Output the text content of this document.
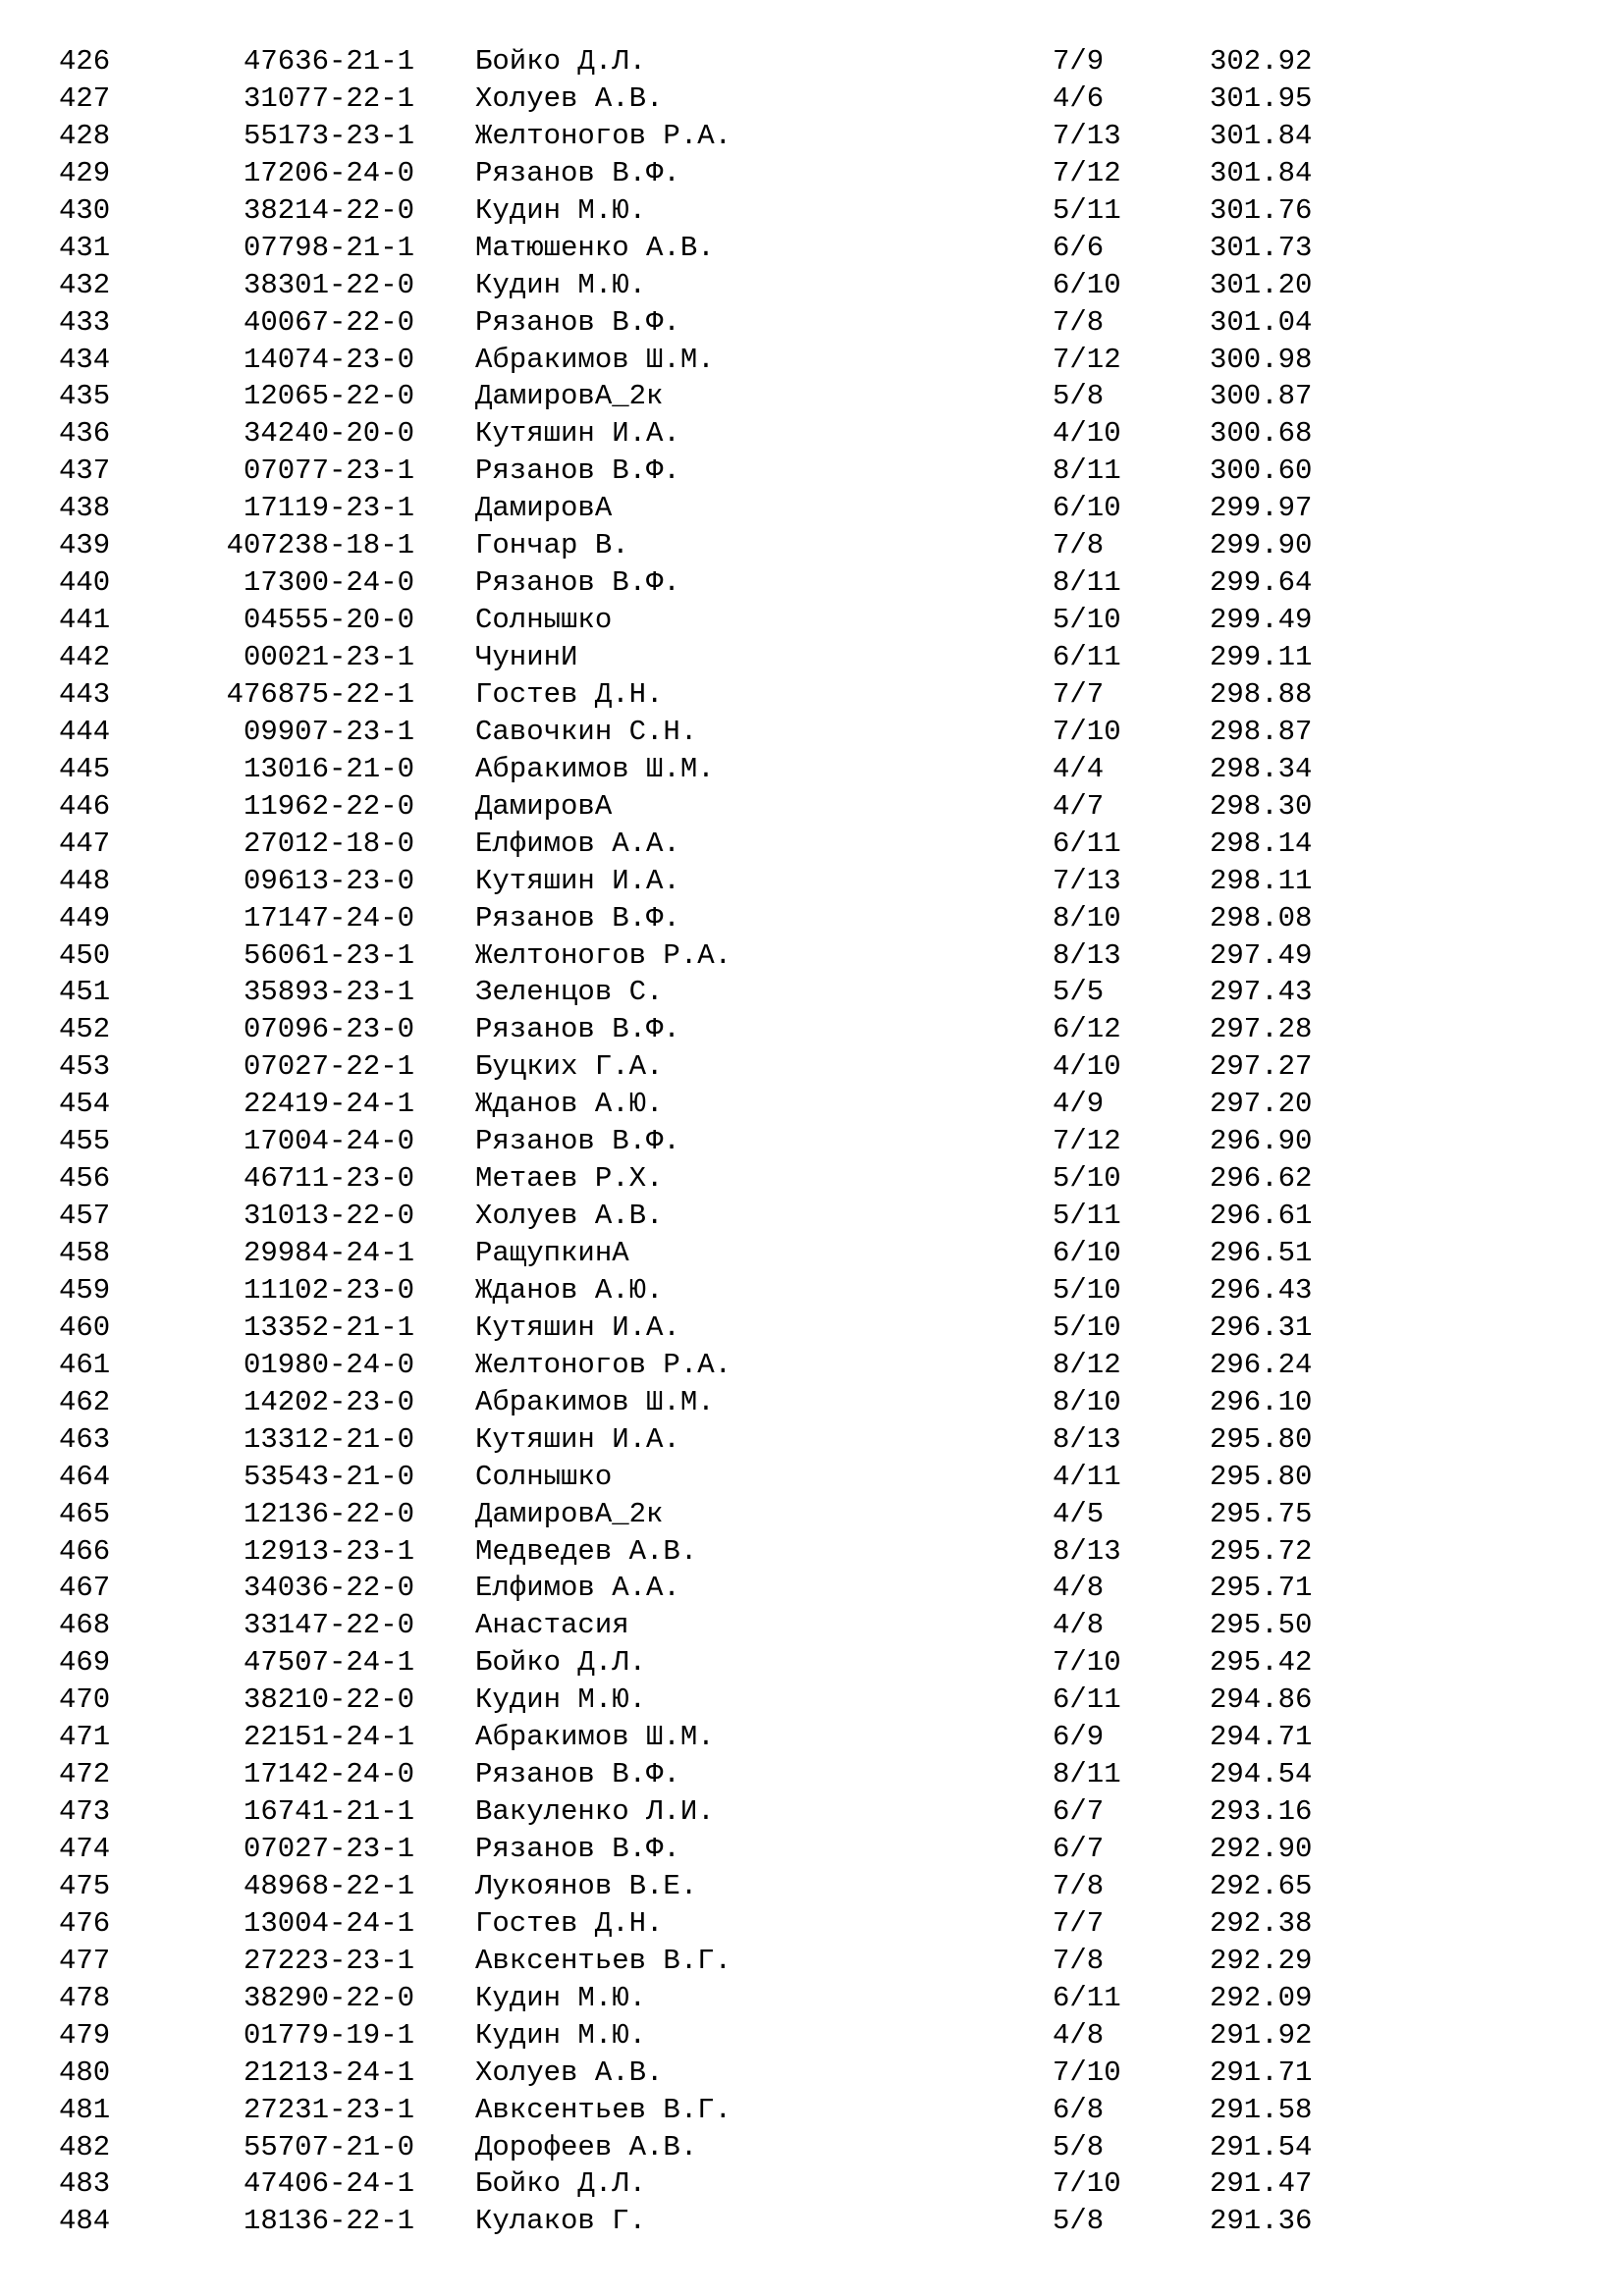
426	47636-21-1 Бойко Д.Л.	7/9	302.92
427	31077-22-1 Холуев А.В.	4/6	301.95
428	55173-23-1 Желтоногов Р.А.	7/13	301.84
429	17206-24-0 Рязанов В.Ф.	7/12	301.84
430	38214-22-0 Кудин М.Ю.	5/11	301.76
431	07798-21-1 Матюшенко А.В.	6/6	301.73
432	38301-22-0 Кудин М.Ю.	6/10	301.20
433	40067-22-0 Рязанов В.Ф.	7/8	301.04
434	14074-23-0 Абракимов Ш.М.	7/12	300.98
435	12065-22-0 ДамировА_2к	5/8	300.87
436	34240-20-0 Кутяшин И.А.	4/10	300.68
437	07077-23-1 Рязанов В.Ф.	8/11	300.60
438	17119-23-1 ДамировА	6/10	299.97
439	407238-18-1 Гончар В.	7/8	299.90
440	17300-24-0 Рязанов В.Ф.	8/11	299.64
441	04555-20-0 Солнышко	5/10	299.49
442	00021-23-1 ЧунинИ	6/11	299.11
443	476875-22-1 Гостев Д.Н.	7/7	298.88
444	09907-23-1 Савочкин С.Н.	7/10	298.87
445	13016-21-0 Абракимов Ш.М.	4/4	298.34
446	11962-22-0 ДамировА	4/7	298.30
447	27012-18-0 Елфимов А.А.	6/11	298.14
448	09613-23-0 Кутяшин И.А.	7/13	298.11
449	17147-24-0 Рязанов В.Ф.	8/10	298.08
450	56061-23-1 Желтоногов Р.А.	8/13	297.49
451	35893-23-1 Зеленцов С.	5/5	297.43
452	07096-23-0 Рязанов В.Ф.	6/12	297.28
453	07027-22-1 Буцких Г.А.	4/10	297.27
454	22419-24-1 Жданов А.Ю.	4/9	297.20
455	17004-24-0 Рязанов В.Ф.	7/12	296.90
456	46711-23-0 Метаев Р.Х.	5/10	296.62
457	31013-22-0 Холуев А.В.	5/11	296.61
458	29984-24-1 РащупкинА	6/10	296.51
459	11102-23-0 Жданов А.Ю.	5/10	296.43
460	13352-21-1 Кутяшин И.А.	5/10	296.31
461	01980-24-0 Желтоногов Р.А.	8/12	296.24
462	14202-23-0 Абракимов Ш.М.	8/10	296.10
463	13312-21-0 Кутяшин И.А.	8/13	295.80
464	53543-21-0 Солнышко	4/11	295.80
465	12136-22-0 ДамировА_2к	4/5	295.75
466	12913-23-1 Медведев А.В.	8/13	295.72
467	34036-22-0 Елфимов А.А.	4/8	295.71
468	33147-22-0 Анастасия	4/8	295.50
469	47507-24-1 Бойко Д.Л.	7/10	295.42
470	38210-22-0 Кудин М.Ю.	6/11	294.86
471	22151-24-1 Абракимов Ш.М.	6/9	294.71
472	17142-24-0 Рязанов В.Ф.	8/11	294.54
473	16741-21-1 Вакуленко Л.И.	6/7	293.16
474	07027-23-1 Рязанов В.Ф.	6/7	292.90
475	48968-22-1 Лукоянов В.Е.	7/8	292.65
476	13004-24-1 Гостев Д.Н.	7/7	292.38
477	27223-23-1 Авксентьев В.Г.	7/8	292.29
478	38290-22-0 Кудин М.Ю.	6/11	292.09
479	01779-19-1 Кудин М.Ю.	4/8	291.92
480	21213-24-1 Холуев А.В.	7/10	291.71
481	27231-23-1 Авксентьев В.Г.	6/8	291.58
482	55707-21-0 Дорофеев А.В.	5/8	291.54
483	47406-24-1 Бойко Д.Л.	7/10	291.47
484	18136-22-1 Кулаков Г.	5/8	291.36
